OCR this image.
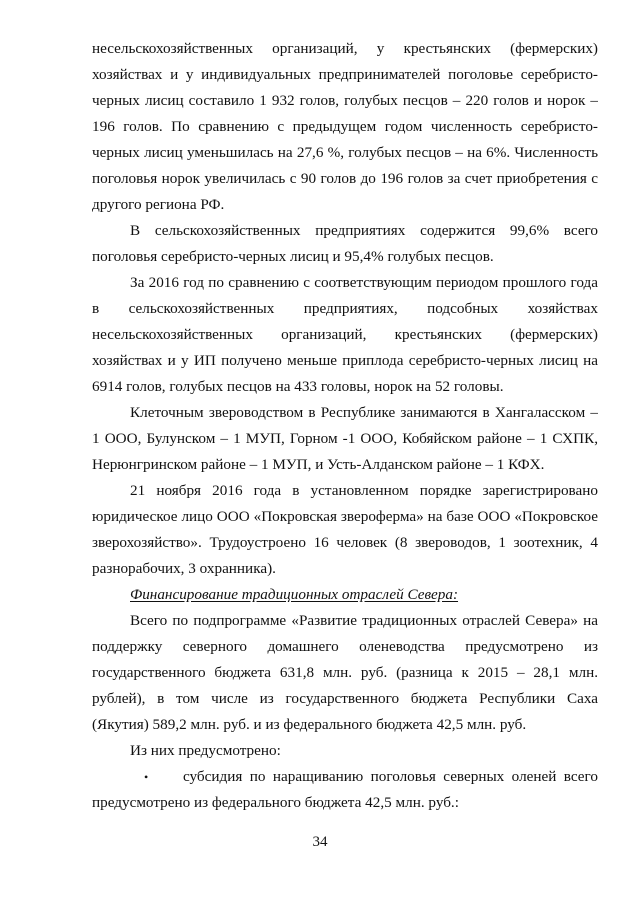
несельскохозяйственных организаций, у крестьянских (фермерских)
хозяйствах и у индивидуальных предпринимателей поголовье серебристо-
черных лисиц составило 1 932 голов, голубых песцов – 220 голов и норок –
196 голов. По сравнению с предыдущем годом численность серебристо-
черных лисиц уменьшилась на 27,6 %, голубых песцов – на 6%. Численность
поголовья норок увеличилась с 90 голов до 196 голов за счет приобретения с
другого региона РФ.
В сельскохозяйственных предприятиях содержится 99,6% всего
поголовья серебристо-черных лисиц и 95,4% голубых песцов.
За 2016 год по сравнению с соответствующим периодом прошлого года
в сельскохозяйственных предприятиях, подсобных хозяйствах
несельскохозяйственных организаций, крестьянских (фермерских)
хозяйствах и у ИП получено меньше приплода серебристо-черных лисиц на
6914 голов, голубых песцов на 433 головы, норок на 52 головы.
Клеточным звероводством в Республике занимаются в Хангаласском –
1 ООО, Булунском – 1 МУП, Горном -1 ООО, Кобяйском районе – 1 СХПК,
Нерюнгринском районе – 1 МУП, и Усть-Алданском районе – 1 КФХ.
21 ноября 2016 года в установленном порядке зарегистрировано
юридическое лицо ООО «Покровская звероферма» на базе ООО «Покровское
зверохозяйство». Трудоустроено 16 человек (8 звероводов, 1 зоотехник, 4
разнорабочих, 3 охранника).
Финансирование традиционных отраслей Севера:
Всего по подпрограмме «Развитие традиционных отраслей Севера» на
поддержку северного домашнего оленеводства предусмотрено из
государственного бюджета 631,8 млн. руб. (разница к 2015 – 28,1 млн.
рублей), в том числе из государственного бюджета Республики Саха
(Якутия) 589,2 млн. руб. и из федерального бюджета 42,5 млн. руб.
Из них предусмотрено:
•	субсидия по наращиванию поголовья северных оленей всего
предусмотрено из федерального бюджета 42,5 млн. руб.:
34
